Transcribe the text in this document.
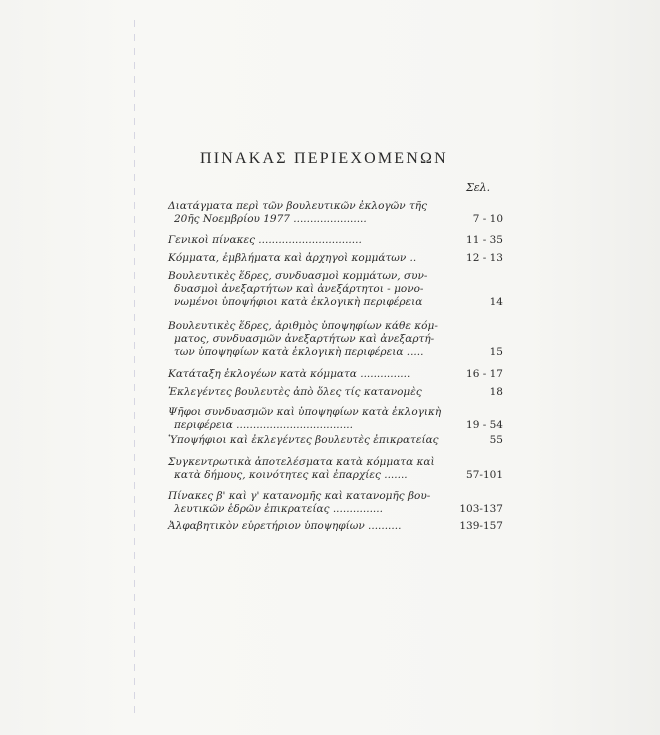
ΠΙΝΑΚΑΣ ΠΕΡΙΕΧΟΜΕΝΩΝ
Σελ.
Διατάγματα περὶ τῶν βουλευτικῶν ἐκλογῶν τῆς
20ῆς Νοεμβρίου 1977 ......................	7 - 10
Γενικοὶ πίνακες ...............................	11 - 35
Κόμματα, ἐμβλήματα καὶ ἀρχηγοὶ κομμάτων ..	12 - 13
Βουλευτικὲς ἕδρες, συνδυασμοὶ κομμάτων, συν-
δυασμοὶ ἀνεξαρτήτων καὶ ἀνεξάρτητοι - μονο-
νωμένοι ὑποψήφιοι κατὰ ἐκλογικὴ περιφέρεια	14
Βουλευτικὲς ἕδρες, ἀριθμὸς ὑποψηφίων κάθε κόμ-
ματος, συνδυασμῶν ἀνεξαρτήτων καὶ ἀνεξαρτή-
των ὑποψηφίων κατὰ ἐκλογικὴ περιφέρεια .....	15
Κατάταξη ἐκλογέων κατὰ κόμματα ...............	16 - 17
Ἐκλεγέντες βουλευτὲς ἀπὸ ὅλες τίς κατανομὲς	18
Ψῆφοι συνδυασμῶν καὶ ὑποψηφίων κατὰ ἐκλογικὴ
περιφέρεια ...................................	19 - 54
Ὑποψήφιοι καὶ ἐκλεγέντες βουλευτὲς ἐπικρατείας	55
Συγκεντρωτικὰ ἀποτελέσματα κατὰ κόμματα καὶ
κατὰ δήμους, κοινότητες καὶ ἐπαρχίες .......	57-101
Πίνακες β' καὶ γ' κατανομῆς καὶ κατανομῆς βου-
λευτικῶν ἑδρῶν ἐπικρατείας ...............	103-137
Ἀλφαβητικὸν εὑρετήριον ὑποψηφίων ..........	139-157
